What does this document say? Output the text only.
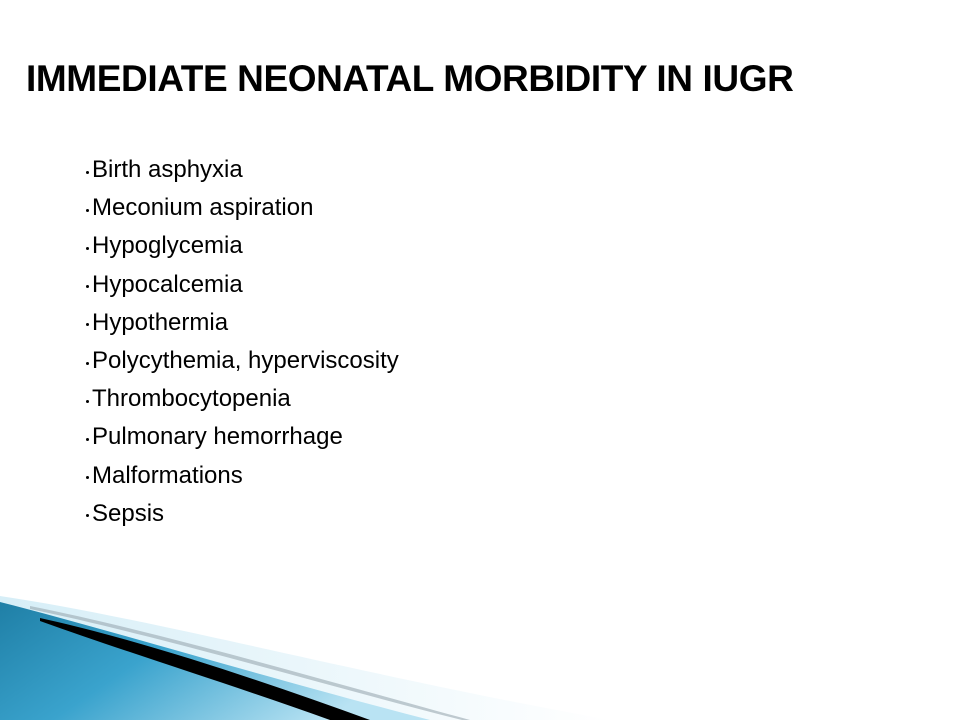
IMMEDIATE NEONATAL MORBIDITY IN IUGR
Birth asphyxia
Meconium aspiration
Hypoglycemia
Hypocalcemia
Hypothermia
Polycythemia, hyperviscosity
Thrombocytopenia
Pulmonary hemorrhage
Malformations
Sepsis
